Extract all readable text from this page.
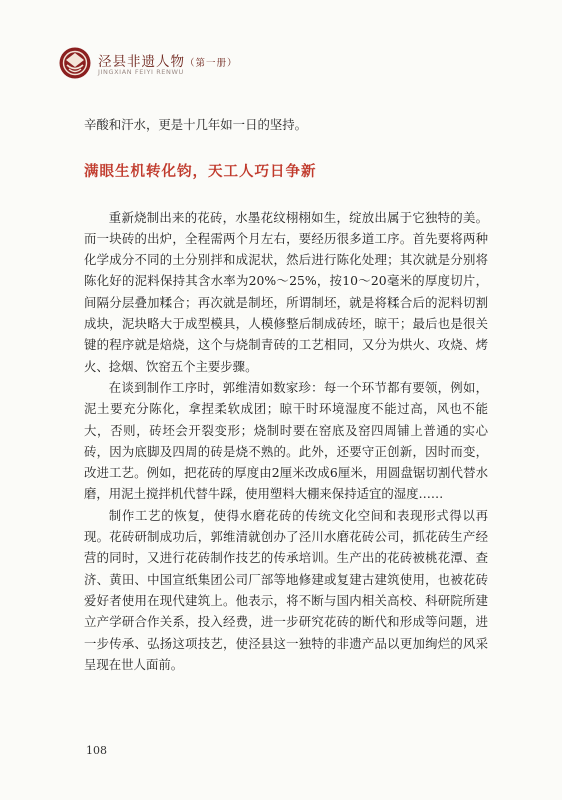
泾县非遗人物（第一册）
JINGXIAN FEIYI RENWU

辛酸和汗水，更是十几年如一日的坚持。

满眼生机转化钧，天工人巧日争新

重新烧制出来的花砖，水墨花纹栩栩如生，绽放出属于它独特的美。而一块砖的出炉，全程需两个月左右，要经历很多道工序。首先要将两种化学成分不同的土分别拌和成泥状，然后进行陈化处理；其次就是分别将陈化好的泥料保持其含水率为20%～25%，按10～20毫米的厚度切片，间隔分层叠加糅合；再次就是制坯，所谓制坯，就是将糅合后的泥料切割成块，泥块略大于成型模具，人模修整后制成砖坯，晾干；最后也是很关键的程序就是焙烧，这个与烧制青砖的工艺相同，又分为烘火、攻烧、烤火、捻烟、饮窑五个主要步骤。

在谈到制作工序时，郭维清如数家珍：每一个环节都有要领，例如，泥土要充分陈化，拿捏柔软成团；晾干时环境湿度不能过高，风也不能大，否则，砖坯会开裂变形；烧制时要在窑底及窑四周铺上普通的实心砖，因为底脚及四周的砖是烧不熟的。此外，还要守正创新，因时而变，改进工艺。例如，把花砖的厚度由2厘米改成6厘米，用圆盘锯切割代替水磨，用泥土搅拌机代替牛踩，使用塑料大棚来保持适宜的湿度……

制作工艺的恢复，使得水磨花砖的传统文化空间和表现形式得以再现。花砖研制成功后，郭维清就创办了泾川水磨花砖公司，抓花砖生产经营的同时，又进行花砖制作技艺的传承培训。生产出的花砖被桃花潭、查济、黄田、中国宣纸集团公司厂部等地修建或复建古建筑使用，也被花砖爱好者使用在现代建筑上。他表示，将不断与国内相关高校、科研院所建立产学研合作关系，投入经费，进一步研究花砖的断代和形成等问题，进一步传承、弘扬这项技艺，使泾县这一独特的非遗产品以更加绚烂的风采呈现在世人面前。

108
